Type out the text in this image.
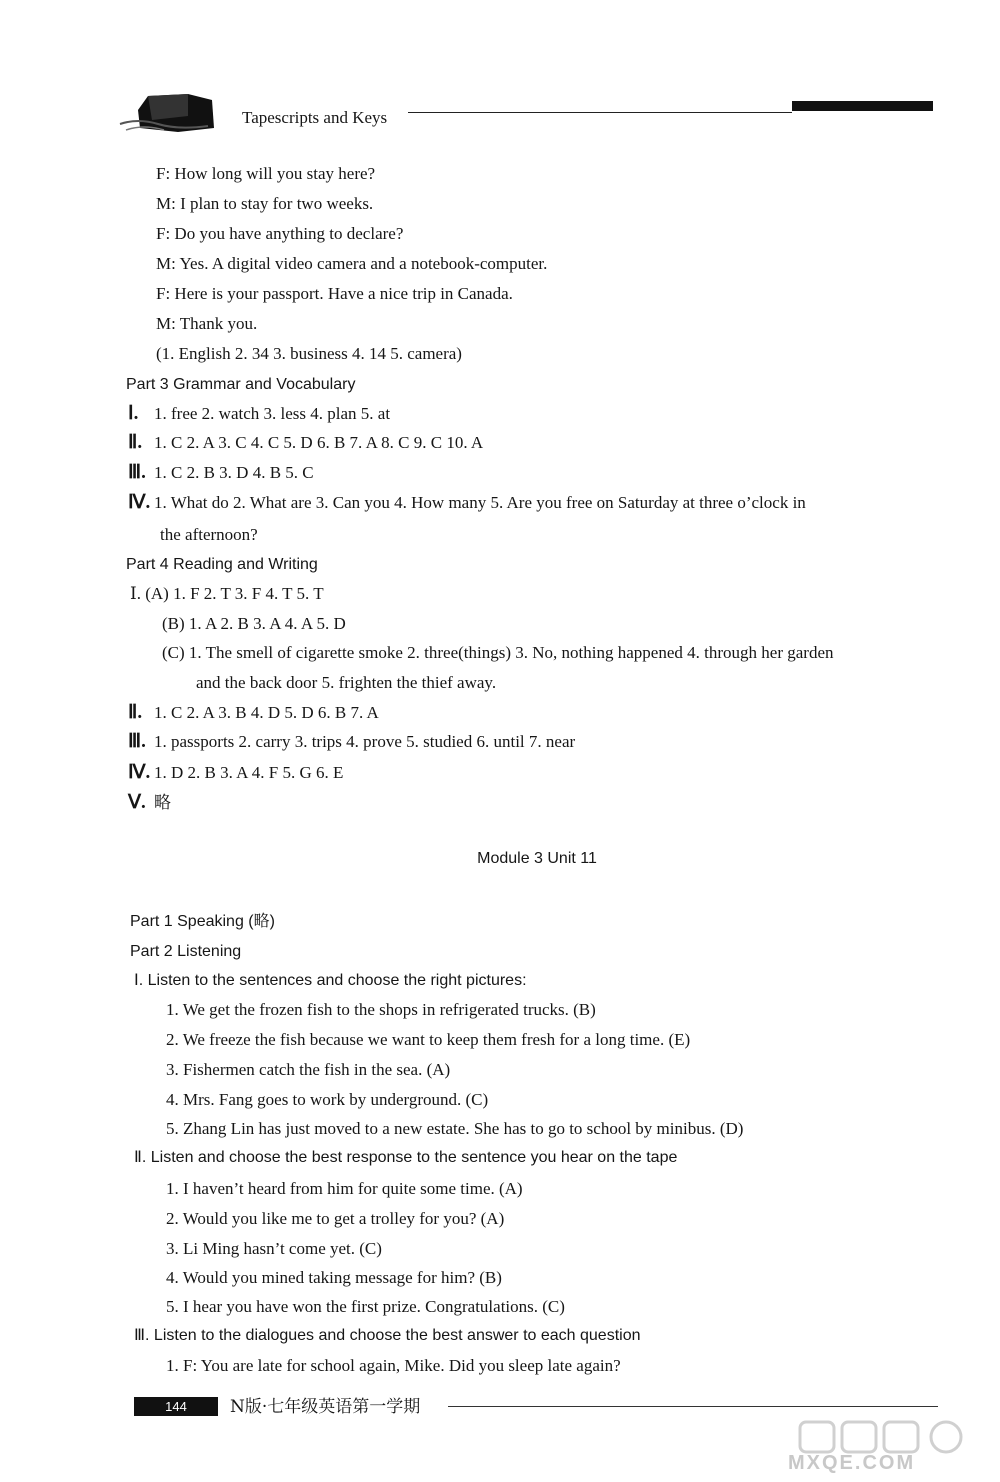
Tapescripts and Keys
F: How long will you stay here?
M: I plan to stay for two weeks.
F: Do you have anything to declare?
M: Yes. A digital video camera and a notebook-computer.
F: Here is your passport. Have a nice trip in Canada.
M: Thank you.
(1. English 2. 34 3. business 4. 14 5. camera)
Part 3 Grammar and Vocabulary
Ⅰ. 1. free 2. watch 3. less 4. plan 5. at
Ⅱ. 1. C 2. A 3. C 4. C 5. D 6. B 7. A 8. C 9. C 10. A
Ⅲ. 1. C 2. B 3. D 4. B 5. C
Ⅳ. 1. What do 2. What are 3. Can you 4. How many 5. Are you free on Saturday at three o’clock in
the afternoon?
Part 4 Reading and Writing
Ⅰ. (A) 1. F 2. T 3. F 4. T 5. T
(B) 1. A 2. B 3. A 4. A 5. D
(C) 1. The smell of cigarette smoke 2. three(things) 3. No, nothing happened 4. through her garden
and the back door 5. frighten the thief away.
Ⅱ. 1. C 2. A 3. B 4. D 5. D 6. B 7. A
Ⅲ. 1. passports 2. carry 3. trips 4. prove 5. studied 6. until 7. near
Ⅳ. 1. D 2. B 3. A 4. F 5. G 6. E
Ⅴ. 略
Module 3 Unit 11
Part 1 Speaking (略)
Part 2 Listening
Ⅰ. Listen to the sentences and choose the right pictures:
1. We get the frozen fish to the shops in refrigerated trucks. (B)
2. We freeze the fish because we want to keep them fresh for a long time. (E)
3. Fishermen catch the fish in the sea. (A)
4. Mrs. Fang goes to work by underground. (C)
5. Zhang Lin has just moved to a new estate. She has to go to school by minibus. (D)
Ⅱ. Listen and choose the best response to the sentence you hear on the tape
1. I haven’t heard from him for quite some time. (A)
2. Would you like me to get a trolley for you? (A)
3. Li Ming hasn’t come yet. (C)
4. Would you mined taking message for him? (B)
5. I hear you have won the first prize. Congratulations. (C)
Ⅲ. Listen to the dialogues and choose the best answer to each question
1. F: You are late for school again, Mike. Did you sleep late again?
144	N版·七年级英语第一学期
MXQE.COM
